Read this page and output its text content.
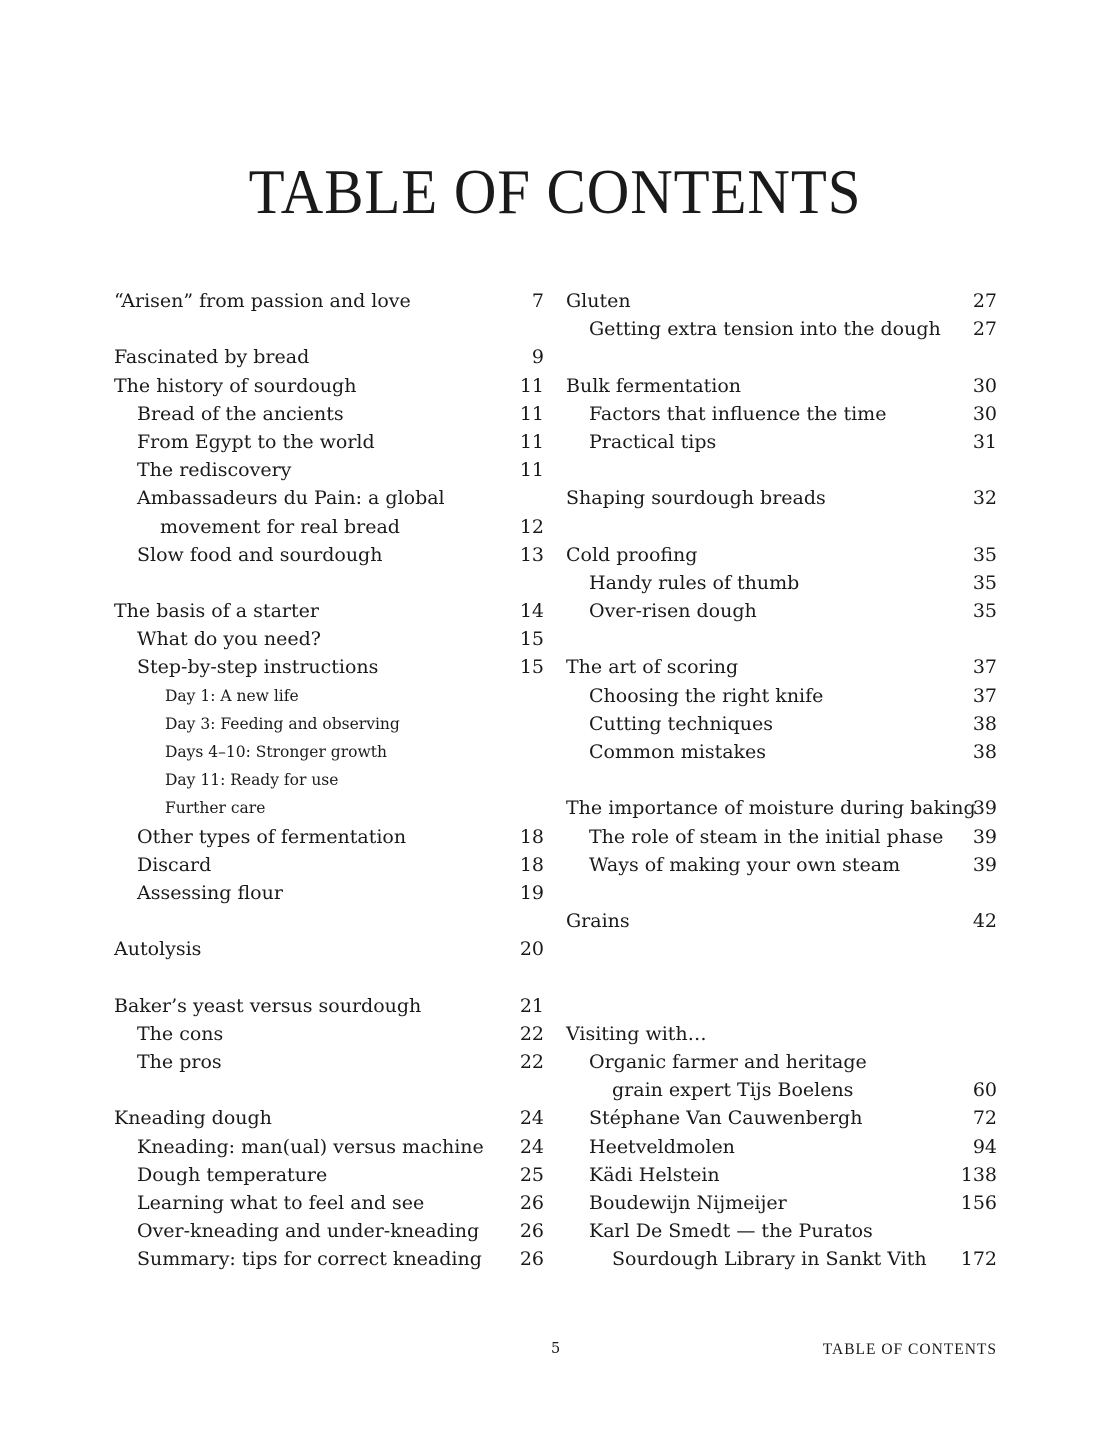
TABLE OF CONTENTS
“Arisen” from passion and love	7
Fascinated by bread	9
The history of sourdough	11
Bread of the ancients	11
From Egypt to the world	11
The rediscovery	11
Ambassadeurs du Pain: a global
movement for real bread	12
Slow food and sourdough	13
The basis of a starter	14
What do you need?	15
Step-by-step instructions	15
Day 1: A new life
Day 3: Feeding and observing
Days 4–10: Stronger growth
Day 11: Ready for use
Further care
Other types of fermentation	18
Discard	18
Assessing flour	19
Autolysis	20
Baker’s yeast versus sourdough	21
The cons	22
The pros	22
Kneading dough	24
Kneading: man(ual) versus machine 24
Dough temperature	25
Learning what to feel and see	26
Over-kneading and under-kneading 26
Summary: tips for correct kneading 26
Gluten	27
Getting extra tension into the dough 27
Bulk fermentation	30
Factors that influence the time	30
Practical tips	31
Shaping sourdough breads	32
Cold proofing	35
Handy rules of thumb	35
Over-risen dough	35
The art of scoring	37
Choosing the right knife	37
Cutting techniques	38
Common mistakes	38
The importance of moisture during baking
39
The role of steam in the initial phase 39
Ways of making your own steam	39
Grains	42
Visiting with…
Organic farmer and heritage
grain expert Tijs Boelens	60
Stéphane Van Cauwenbergh	72
Heetveldmolen	94
Kädi Helstein	138
Boudewijn Nijmeijer	156
Karl De Smedt — the Puratos
Sourdough Library in Sankt Vith 172
5	TABLE OF CONTENTS
